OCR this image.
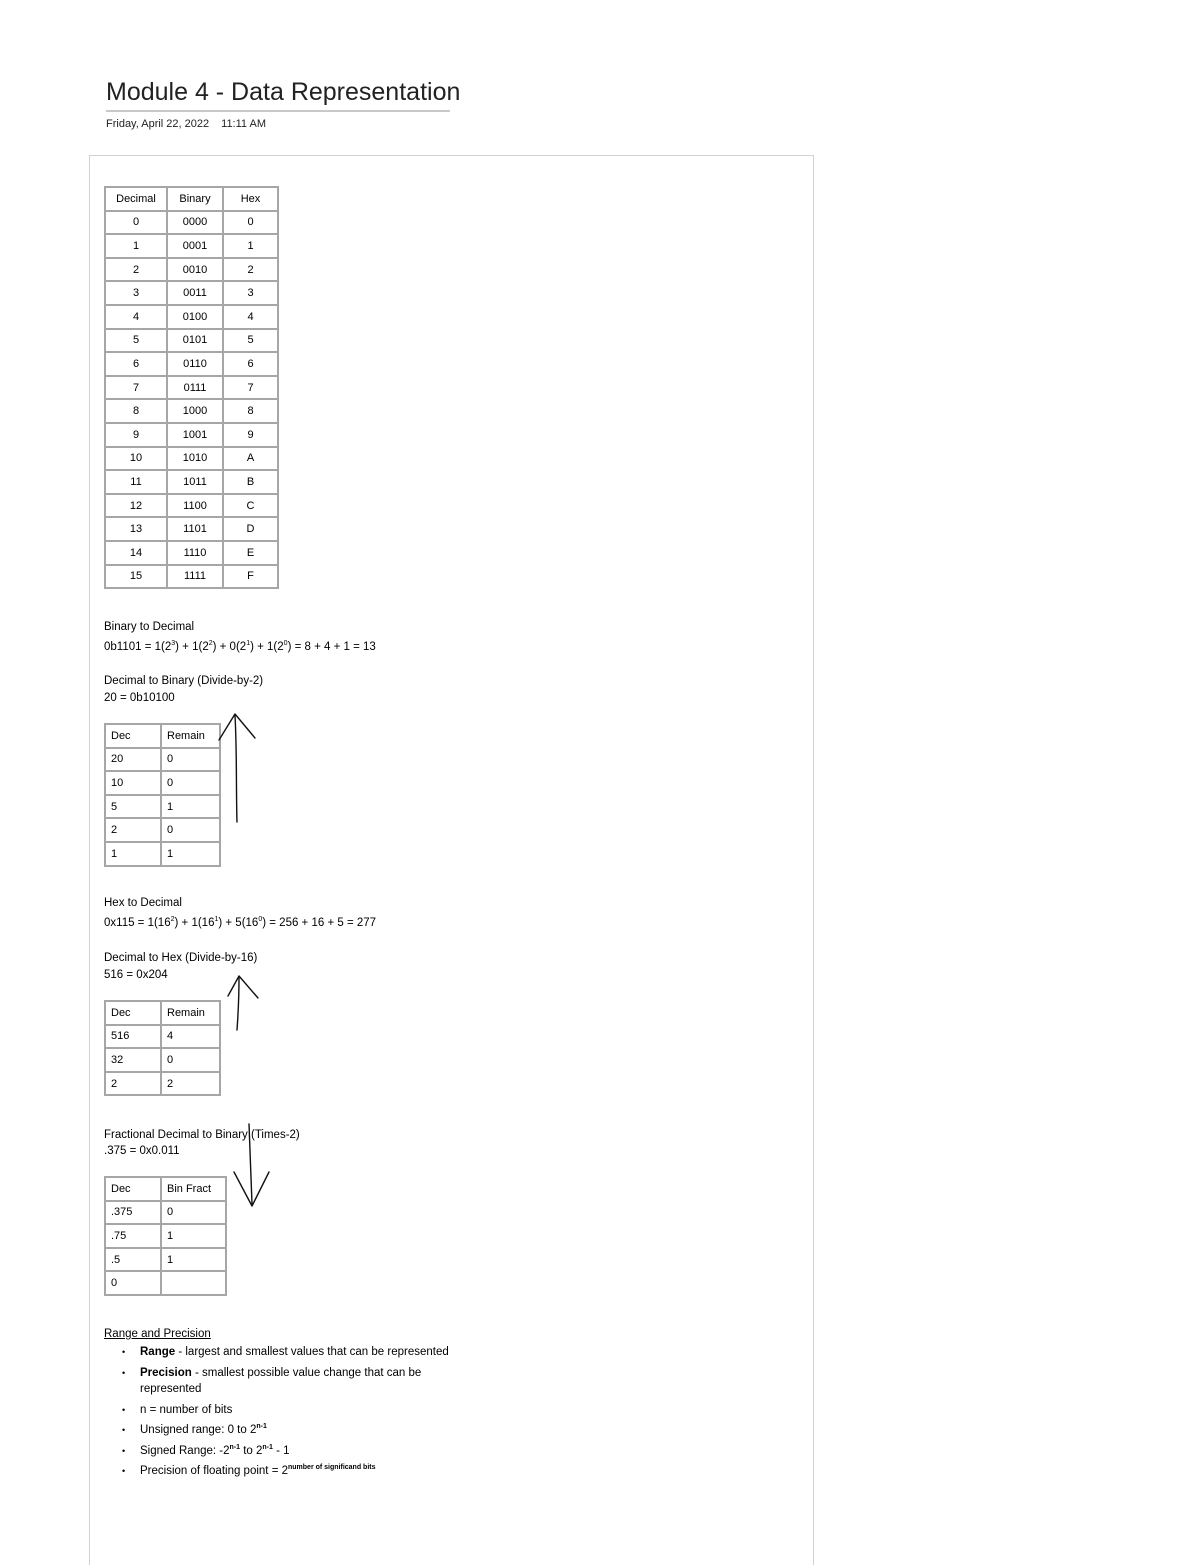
Module 4 - Data Representation
Friday, April 22, 2022 11:11 AM
Decimal	Binary	Hex
0	0000	0
1	0001	1
2	0010	2
3	0011	3
4	0100	4
5	0101	5
6	0110	6
7	0111	7
8	1000	8
9	1001	9
10	1010	A
11	1011	B
12	1100	C
13	1101	D
14	1110	E
15	1111	F

Binary to Decimal

$0b1101 = 1(2^3) + 1(2^2) + 0(2^1) + 1(2^0) = 8 + 4 + 1 = 13$

Decimal to Binary (Divide-by-2)

20 = 0b10100

Dec	Remain
20	0
10	0
5	1
2	0
1	1

Hex to Decimal

$0x115 = 1(16^2) + 1(16^1) + 5(16^0) = 256 + 16 + 5 = 277$

Decimal to Hex (Divide-by-16)

516 = 0x204

Dec	Remain
516	4
32	0
2	2

Fractional Decimal to Binary (Times-2)

.375 = 0x0.011

Dec	Bin Fract
.375	0
.75	1
.5	1
0	

Range and Precision

• Range - largest and smallest values that can be represented
• Precision - smallest possible value change that can be represented
• n = number of bits
• Unsigned range: 0 to 2$^{n-1}$
• Signed Range: -2$^{n-1}$ to 2$^{n-1}$ - 1
• Precision of floating point = $2^{number of significand bits}$
